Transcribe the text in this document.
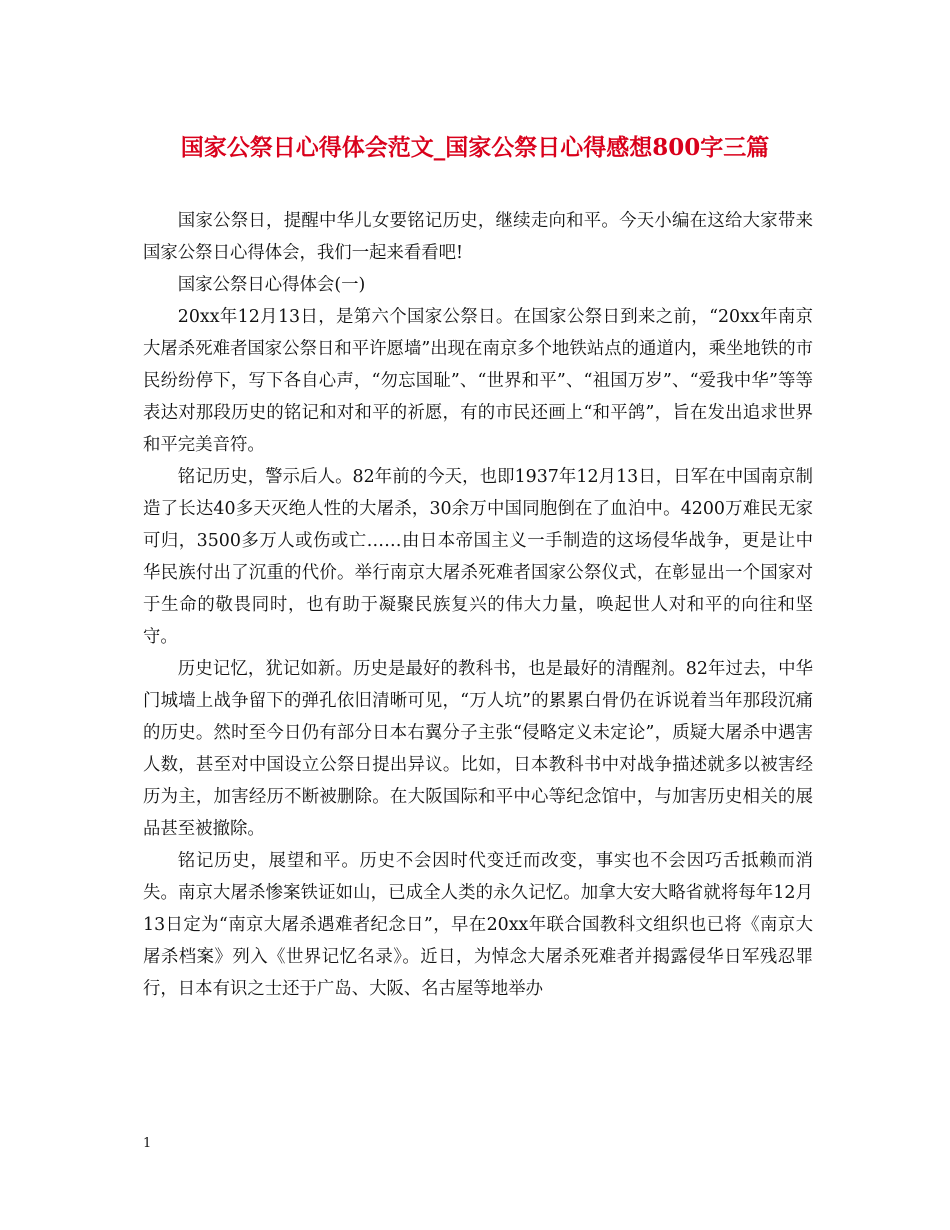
国家公祭日心得体会范文_国家公祭日心得感想800字三篇

国家公祭日，提醒中华儿女要铭记历史，继续走向和平。今天小编在这给大家带来国家公祭日心得体会，我们一起来看看吧!

国家公祭日心得体会(一)

20xx年12月13日，是第六个国家公祭日。在国家公祭日到来之前，“20xx年南京大屠杀死难者国家公祭日和平许愿墙”出现在南京多个地铁站点的通道内，乘坐地铁的市民纷纷停下，写下各自心声，“勿忘国耻”、“世界和平”、“祖国万岁”、“爱我中华”等等表达对那段历史的铭记和对和平的祈愿，有的市民还画上“和平鸽”，旨在发出追求世界和平完美音符。

铭记历史，警示后人。82年前的今天，也即1937年12月13日，日军在中国南京制造了长达40多天灭绝人性的大屠杀，30余万中国同胞倒在了血泊中。4200万难民无家可归，3500多万人或伤或亡……由日本帝国主义一手制造的这场侵华战争，更是让中华民族付出了沉重的代价。举行南京大屠杀死难者国家公祭仪式，在彰显出一个国家对于生命的敬畏同时，也有助于凝聚民族复兴的伟大力量，唤起世人对和平的向往和坚守。

历史记忆，犹记如新。历史是最好的教科书，也是最好的清醒剂。82年过去，中华门城墙上战争留下的弹孔依旧清晰可见，“万人坑”的累累白骨仍在诉说着当年那段沉痛的历史。然时至今日仍有部分日本右翼分子主张“侵略定义未定论”，质疑大屠杀中遇害人数，甚至对中国设立公祭日提出异议。比如，日本教科书中对战争描述就多以被害经历为主，加害经历不断被删除。在大阪国际和平中心等纪念馆中，与加害历史相关的展品甚至被撤除。

铭记历史，展望和平。历史不会因时代变迁而改变，事实也不会因巧舌抵赖而消失。南京大屠杀惨案铁证如山，已成全人类的永久记忆。加拿大安大略省就将每年12月13日定为“南京大屠杀遇难者纪念日”，早在20xx年联合国教科文组织也已将《南京大屠杀档案》列入《世界记忆名录》。近日，为悼念大屠杀死难者并揭露侵华日军残忍罪行，日本有识之士还于广岛、大阪、名古屋等地举办

1
